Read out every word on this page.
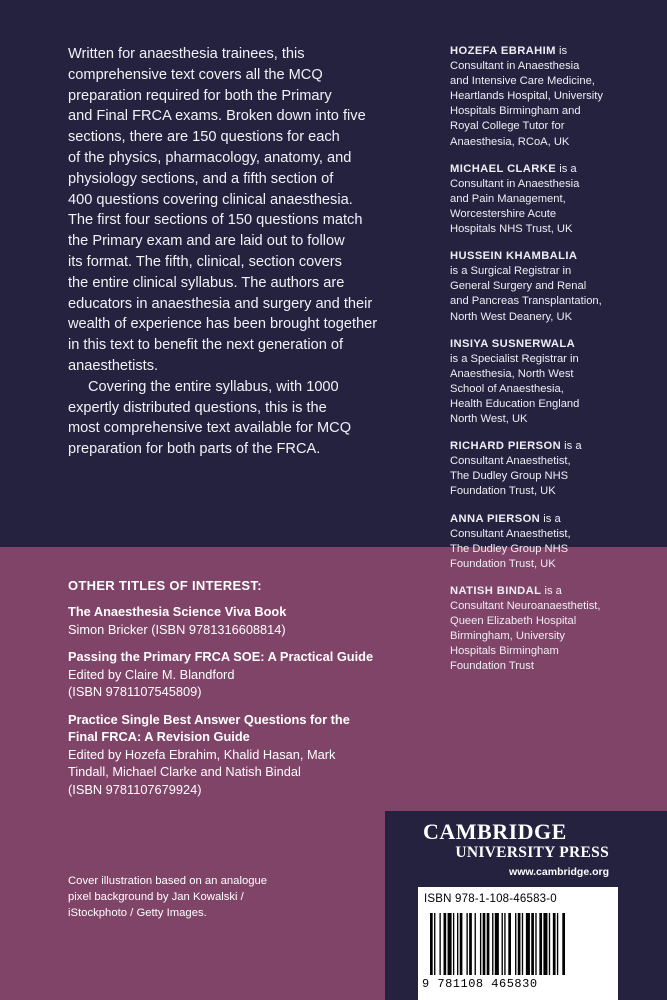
Written for anaesthesia trainees, this
comprehensive text covers all the MCQ
preparation required for both the Primary
and Final FRCA exams. Broken down into five
sections, there are 150 questions for each
of the physics, pharmacology, anatomy, and
physiology sections, and a fifth section of
400 questions covering clinical anaesthesia.
The first four sections of 150 questions match
the Primary exam and are laid out to follow
its format. The fifth, clinical, section covers
the entire clinical syllabus. The authors are
educators in anaesthesia and surgery and their
wealth of experience has been brought together
in this text to benefit the next generation of
anaesthetists.

Covering the entire syllabus, with 1000
expertly distributed questions, this is the
most comprehensive text available for MCQ
preparation for both parts of the FRCA.

HOZEFA EBRAHIM is
Consultant in Anaesthesia
and Intensive Care Medicine,
Heartlands Hospital, University
Hospitals Birmingham and
Royal College Tutor for
Anaesthesia, RCoA, UK
MICHAEL CLARKE is a
Consultant in Anaesthesia
and Pain Management,
Worcestershire Acute
Hospitals NHS Trust, UK
HUSSEIN KHAMBALIA
is a Surgical Registrar in
General Surgery and Renal
and Pancreas Transplantation,
North West Deanery, UK
INSIYA SUSNERWALA
is a Specialist Registrar in
Anaesthesia, North West
School of Anaesthesia,
Health Education England
North West, UK
RICHARD PIERSON is a
Consultant Anaesthetist,
The Dudley Group NHS
Foundation Trust, UK
ANNA PIERSON is a
Consultant Anaesthetist,
The Dudley Group NHS
Foundation Trust, UK
NATISH BINDAL is a
Consultant Neuroanaesthetist,
Queen Elizabeth Hospital
Birmingham, University
Hospitals Birmingham
Foundation Trust
OTHER TITLES OF INTEREST:
The Anaesthesia Science Viva Book
Simon Bricker (ISBN 9781316608814)
Passing the Primary FRCA SOE: A Practical Guide
Edited by Claire M. Blandford
(ISBN 9781107545809)
Practice Single Best Answer Questions for the
Final FRCA: A Revision Guide
Edited by Hozefa Ebrahim, Khalid Hasan, Mark
Tindall, Michael Clarke and Natish Bindal
(ISBN 9781107679924)
Cover illustration based on an analogue
pixel background by Jan Kowalski /
iStockphoto / Getty Images.
CAMBRIDGE
UNIVERSITY PRESS
www.cambridge.org
ISBN 978-1-108-46583-0
9 781108 465830
